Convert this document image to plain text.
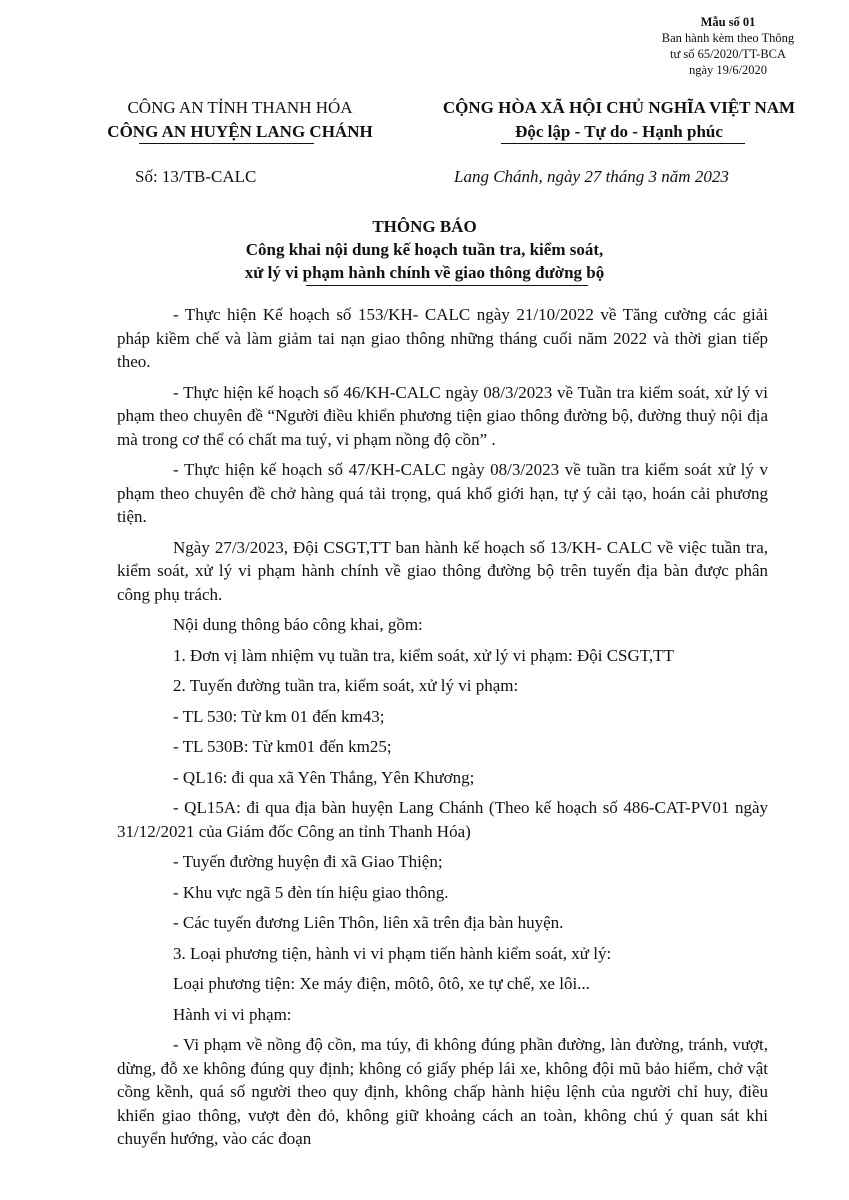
Mẫu số 01
Ban hành kèm theo Thông
tư số 65/2020/TT-BCA
ngày 19/6/2020
CÔNG AN TỈNH THANH HÓA
CÔNG AN HUYỆN LANG CHÁNH
CỘNG HÒA XÃ HỘI CHỦ NGHĨA VIỆT NAM
Độc lập - Tự do - Hạnh phúc
Số: 13/TB-CALC	Lang Chánh, ngày 27 tháng 3 năm 2023
THÔNG BÁO
Công khai nội dung kế hoạch tuần tra, kiểm soát,
xử lý vi phạm hành chính về giao thông đường bộ

- Thực hiện Kế hoạch số 153/KH- CALC ngày 21/10/2022 về Tăng cường các giải pháp kiềm chế và làm giảm tai nạn giao thông những tháng cuối năm 2022 và thời gian tiếp theo.

- Thực hiện kế hoạch số 46/KH-CALC ngày 08/3/2023 về Tuần tra kiểm soát, xử lý vi phạm theo chuyên đề “Người điều khiển phương tiện giao thông đường bộ, đường thuỷ nội địa mà trong cơ thể có chất ma tuý, vi phạm nồng độ cồn” .

- Thực hiện kế hoạch số 47/KH-CALC ngày 08/3/2023 về tuần tra kiểm soát xử lý v phạm theo chuyên đề chở hàng quá tải trọng, quá khổ giới hạn, tự ý cải tạo, hoán cải phương tiện.

Ngày 27/3/2023, Đội CSGT,TT ban hành kế hoạch số 13/KH- CALC về việc tuần tra, kiểm soát, xử lý vi phạm hành chính về giao thông đường bộ trên tuyến địa bàn được phân công phụ trách.

Nội dung thông báo công khai, gồm:

1. Đơn vị làm nhiệm vụ tuần tra, kiểm soát, xử lý vi phạm: Đội CSGT,TT

2. Tuyến đường tuần tra, kiểm soát, xử lý vi phạm:

- TL 530: Từ km 01 đến km43;

- TL 530B: Từ km01 đến km25;

- QL16: đi qua xã Yên Thắng, Yên Khương;

- QL15A: đi qua địa bàn huyện Lang Chánh (Theo kế hoạch số 486-CAT-PV01 ngày 31/12/2021 của Giám đốc Công an tỉnh Thanh Hóa)

- Tuyến đường huyện đi xã Giao Thiện;

- Khu vực ngã 5 đèn tín hiệu giao thông.

- Các tuyến đương Liên Thôn, liên xã trên địa bàn huyện.

3. Loại phương tiện, hành vi vi phạm tiến hành kiểm soát, xử lý:

Loại phương tiện: Xe máy điện, môtô, ôtô, xe tự chế, xe lôi...

Hành vi vi phạm:

- Vi phạm về nồng độ cồn, ma túy, đi không đúng phần đường, làn đường, tránh, vượt, dừng, đỗ xe không đúng quy định; không có giấy phép lái xe, không đội mũ bảo hiểm, chở vật cồng kềnh, quá số người theo quy định, không chấp hành hiệu lệnh của người chỉ huy, điều khiển giao thông, vượt đèn đỏ, không giữ khoảng cách an toàn, không chú ý quan sát khi chuyển hướng, vào các đoạn
